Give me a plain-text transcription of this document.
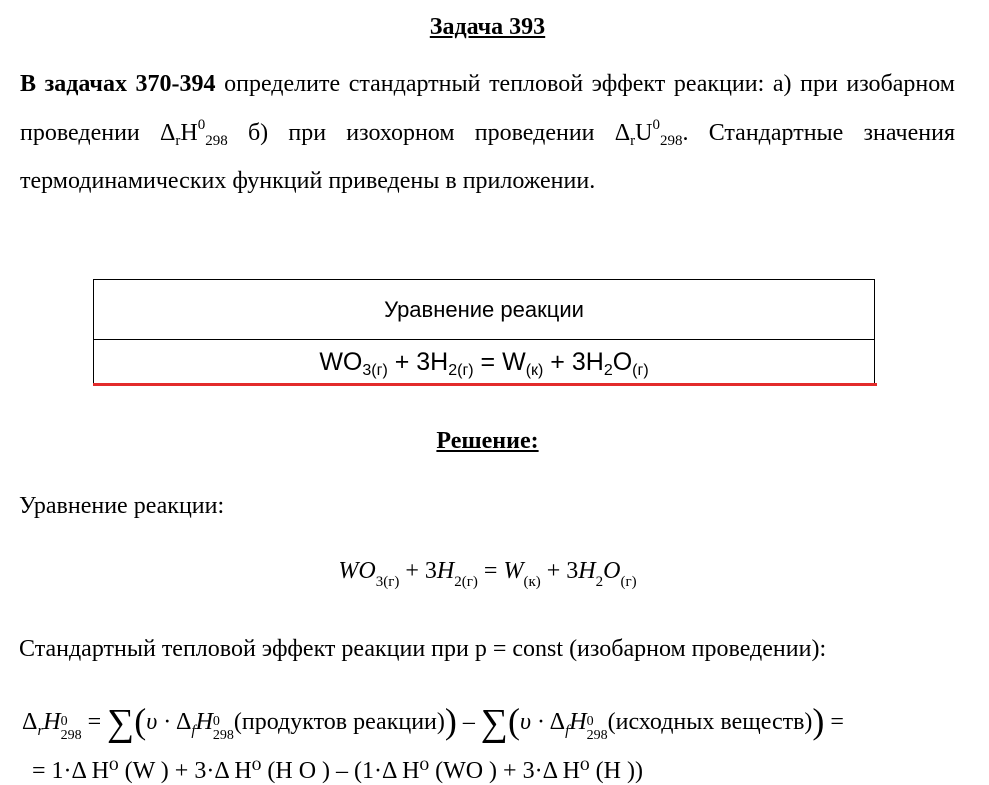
Задача 393
В задачах 370-394 определите стандартный тепловой эффект реакции: а) при изобарном проведении $\Delta_rH^0_{298}$ б) при изохорном проведении $\Delta_rU^0_{298}$. Стандартные значения термодинамических функций приведены в приложении.
Уравнение реакции
$WO_{3(г)} + 3H_{2(г)} = W_{(к)} + 3H_2O_{(г)}$
Решение:
Уравнение реакции:
$WO_{3(г)} + 3H_{2(г)} = W_{(к)} + 3H_2O_{(г)}$
Стандартный тепловой эффект реакции при p = const (изобарном проведении):
$\Delta_rH$ 0
298
= $\sum(\upsilon \cdot \Delta_fH$ 0
298
(продуктов реакции)) – $\sum(\upsilon \cdot \Delta_fH$ 0
298
(исходных веществ)) =
= 1·Δ H⁰ (W ) + 3·Δ H⁰ (H O ) – (1·Δ H⁰ (WO ) + 3·Δ H⁰ (H ))
